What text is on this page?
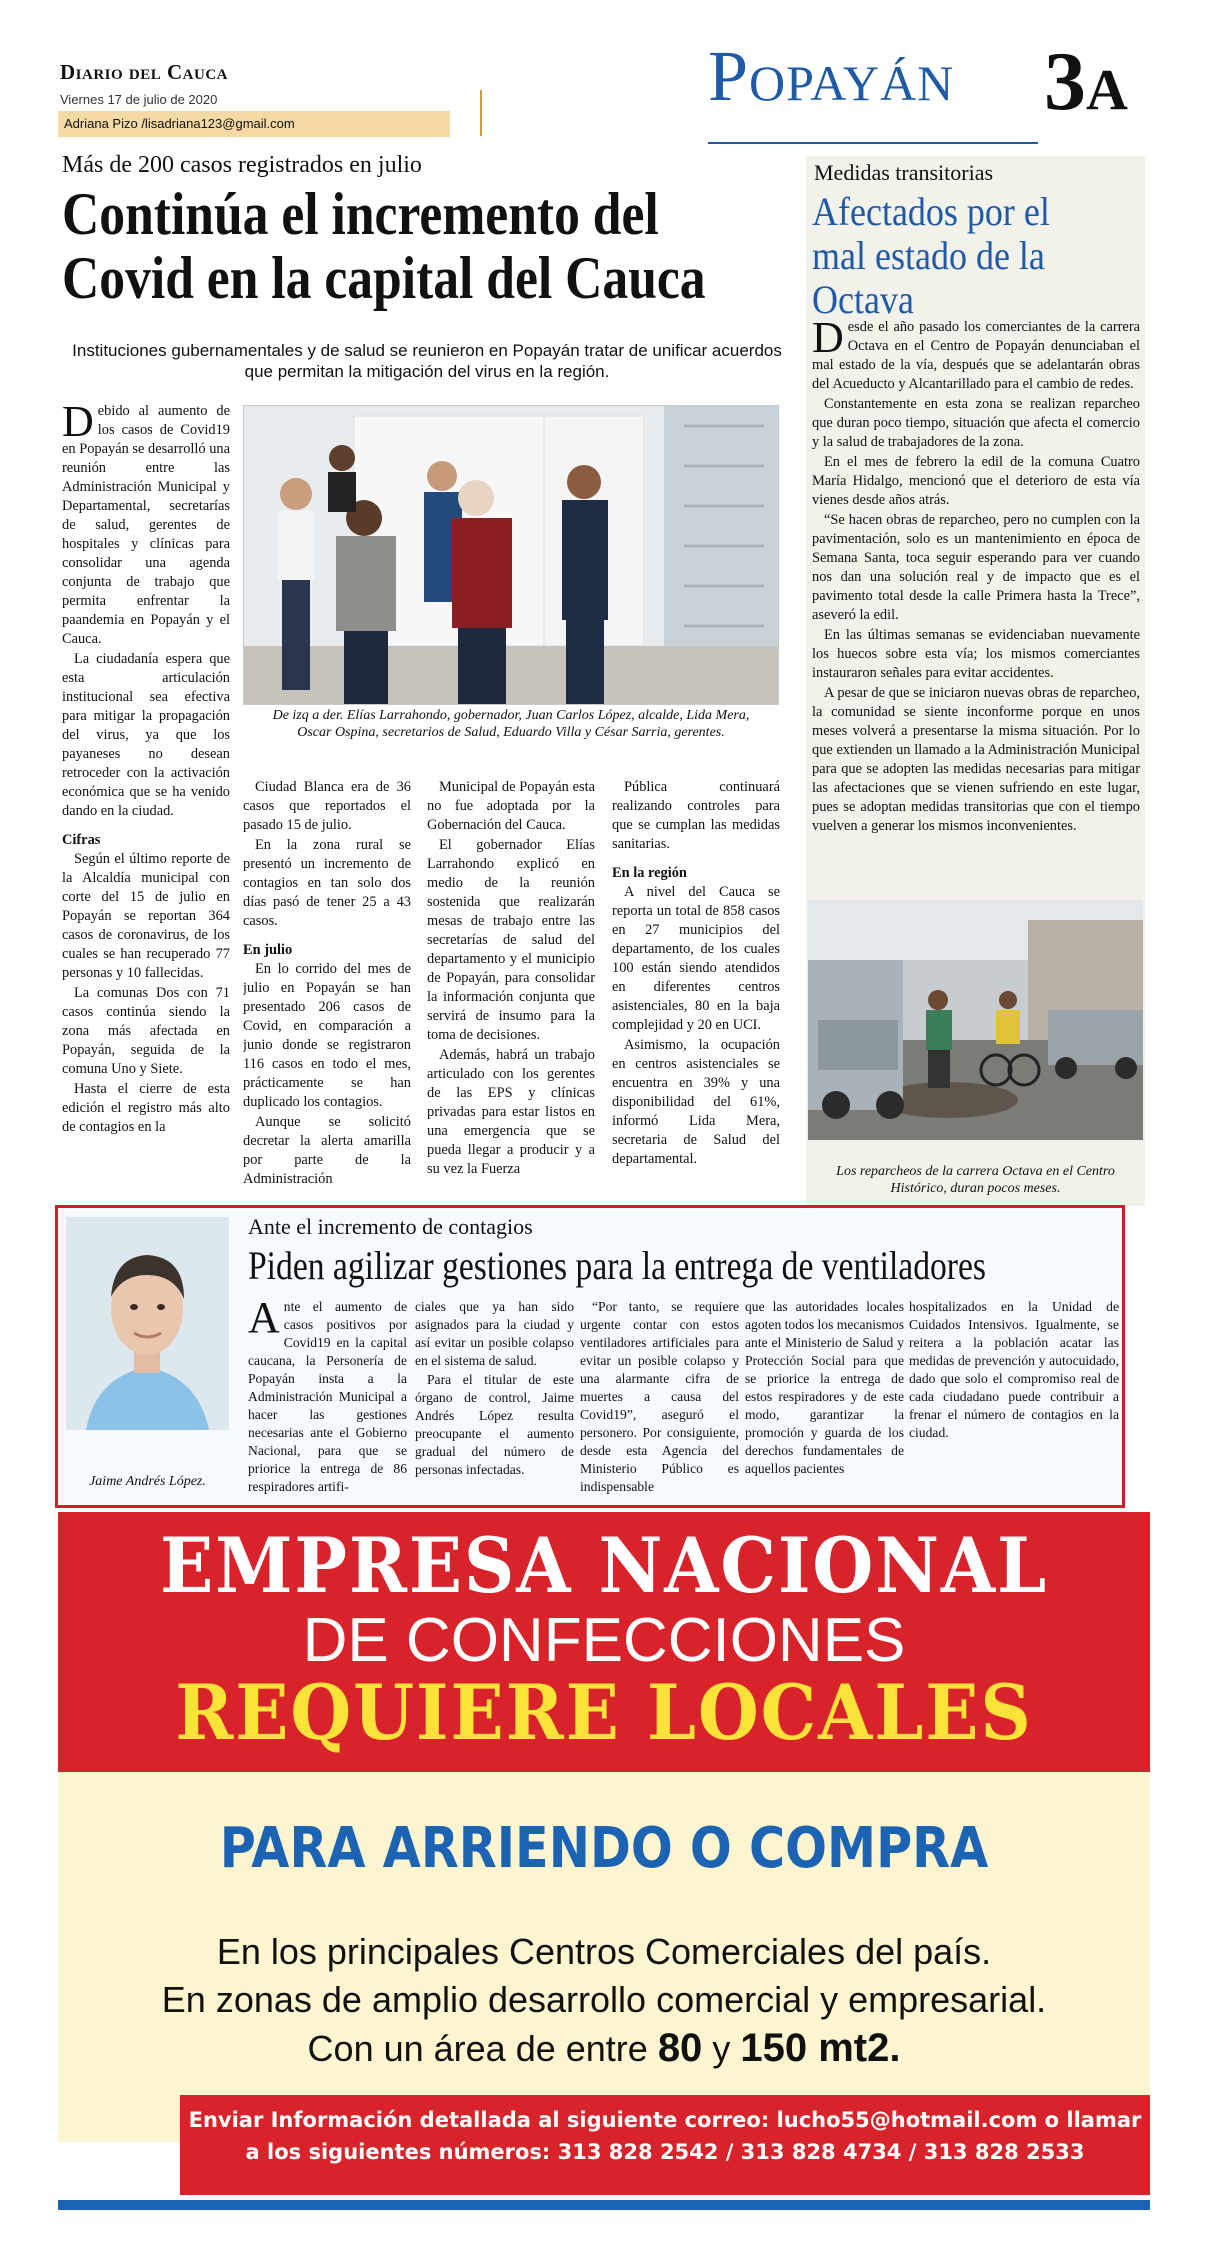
Diario del Cauca
Viernes 17 de julio de 2020
Adriana Pizo /lisadriana123@gmail.com
Popayán 3A
Más de 200 casos registrados en julio
Continúa el incremento del
Covid en la capital del Cauca
Instituciones gubernamentales y de salud se reunieron en Popayán tratar de unificar acuerdos
que permitan la mitigación del virus en la región.

Debido al aumento de los casos de Covid19 en Popayán se desarrolló una reunión entre las Administración Municipal y Departamental, secretarías de salud, gerentes de hospitales y clínicas para consolidar una agenda conjunta de trabajo que permita enfrentar la paandemia en Popayán y el Cauca.

La ciudadanía espera que esta articulación institucional sea efectiva para mitigar la propagación del virus, ya que los payaneses no desean retroceder con la activación económica que se ha venido dando en la ciudad.

Cifras

Según el último reporte de la Alcaldía municipal con corte del 15 de julio en Popayán se reportan 364 casos de coronavirus, de los cuales se han recuperado 77 personas y 10 fallecidas.

La comunas Dos con 71 casos continúa siendo la zona más afectada en Popayán, seguida de la comuna Uno y Siete.

Hasta el cierre de esta edición el registro más alto de contagios en la

De izq a der. Elías Larrahondo, gobernador, Juan Carlos López, alcalde, Lida Mera, Oscar Ospina, secretarios de Salud, Eduardo Villa y César Sarria, gerentes.

Ciudad Blanca era de 36 casos que reportados el pasado 15 de julio.

En la zona rural se presentó un incremento de contagios en tan solo dos días pasó de tener 25 a 43 casos.

En julio

En lo corrido del mes de julio en Popayán se han presentado 206 casos de Covid, en comparación a junio donde se registraron 116 casos en todo el mes, prácticamente se han duplicado los contagios.

Aunque se solicitó decretar la alerta amarilla por parte de la Administración

Municipal de Popayán esta no fue adoptada por la Gobernación del Cauca.

El gobernador Elías Larrahondo explicó en medio de la reunión sostenida que realizarán mesas de trabajo entre las secretarías de salud del departamento y el municipio de Popayán, para consolidar la información conjunta que servirá de insumo para la toma de decisiones.

Además, habrá un trabajo articulado con los gerentes de las EPS y clínicas privadas para estar listos en una emergencia que se pueda llegar a producir y a su vez la Fuerza

Pública continuará realizando controles para que se cumplan las medidas sanitarias.

En la región

A nivel del Cauca se reporta un total de 858 casos en 27 municipios del departamento, de los cuales 100 están siendo atendidos en diferentes centros asistenciales, 80 en la baja complejidad y 20 en UCI.

Asimismo, la ocupación en centros asistenciales se encuentra en 39% y una disponibilidad del 61%, informó Lida Mera, secretaria de Salud del departamental.

Medidas transitorias
Afectados por el mal estado de la Octava

Desde el año pasado los comerciantes de la carrera Octava en el Centro de Popayán denunciaban el mal estado de la vía, después que se adelantarán obras del Acueducto y Alcantarillado para el cambio de redes.

Constantemente en esta zona se realizan reparcheo que duran poco tiempo, situación que afecta el comercio y la salud de trabajadores de la zona.

En el mes de febrero la edil de la comuna Cuatro María Hidalgo, mencionó que el deterioro de esta vía vienes desde años atrás.

“Se hacen obras de reparcheo, pero no cumplen con la pavimentación, solo es un mantenimiento en época de Semana Santa, toca seguir esperando para ver cuando nos dan una solución real y de impacto que es el pavimento total desde la calle Primera hasta la Trece”, aseveró la edil.

En las últimas semanas se evidenciaban nuevamente los huecos sobre esta vía; los mismos comerciantes instauraron señales para evitar accidentes.

A pesar de que se iniciaron nuevas obras de reparcheo, la comunidad se siente inconforme porque en unos meses volverá a presentarse la misma situación. Por lo que extienden un llamado a la Administración Municipal para que se adopten las medidas necesarias para mitigar las afectaciones que se vienen sufriendo en este lugar, pues se adoptan medidas transitorias que con el tiempo vuelven a generar los mismos inconvenientes.

Los reparcheos de la carrera Octava en el Centro Histórico, duran pocos meses.
Jaime Andrés López.
Ante el incremento de contagios
Piden agilizar gestiones para la entrega de ventiladores

Ante el aumento de casos positivos por Covid19 en la capital caucana, la Personería de Popayán insta a la Administración Municipal a hacer las gestiones necesarias ante el Gobierno Nacional, para que se priorice la entrega de 86 respiradores artifi-

ciales que ya han sido asignados para la ciudad y así evitar un posible colapso en el sistema de salud.

Para el titular de este órgano de control, Jaime Andrés López resulta preocupante el aumento gradual del número de personas infectadas.

“Por tanto, se requiere urgente contar con estos ventiladores artificiales para evitar un posible colapso y una alarmante cifra de muertes a causa del Covid19”, aseguró el personero. Por consiguiente, desde esta Agencia del Ministerio Público es indispensable

que las autoridades locales agoten todos los mecanismos ante el Ministerio de Salud y Protección Social para que se priorice la entrega de estos respiradores y de este modo, garantizar la promoción y guarda de los derechos fundamentales de aquellos pacientes

hospitalizados en la Unidad de Cuidados Intensivos. Igualmente, se reitera a la población acatar las medidas de prevención y autocuidado, dado que solo el compromiso real de cada ciudadano puede contribuir a frenar el número de contagios en la ciudad.

EMPRESA NACIONAL
DE CONFECCIONES
REQUIERE LOCALES
PARA ARRIENDO O COMPRA
En los principales Centros Comerciales del país.
En zonas de amplio desarrollo comercial y empresarial.
Con un área de entre 80 y 150 mt2.
Enviar Información detallada al siguiente correo: lucho55@hotmail.com o llamar
a los siguientes números: 313 828 2542 / 313 828 4734 / 313 828 2533
